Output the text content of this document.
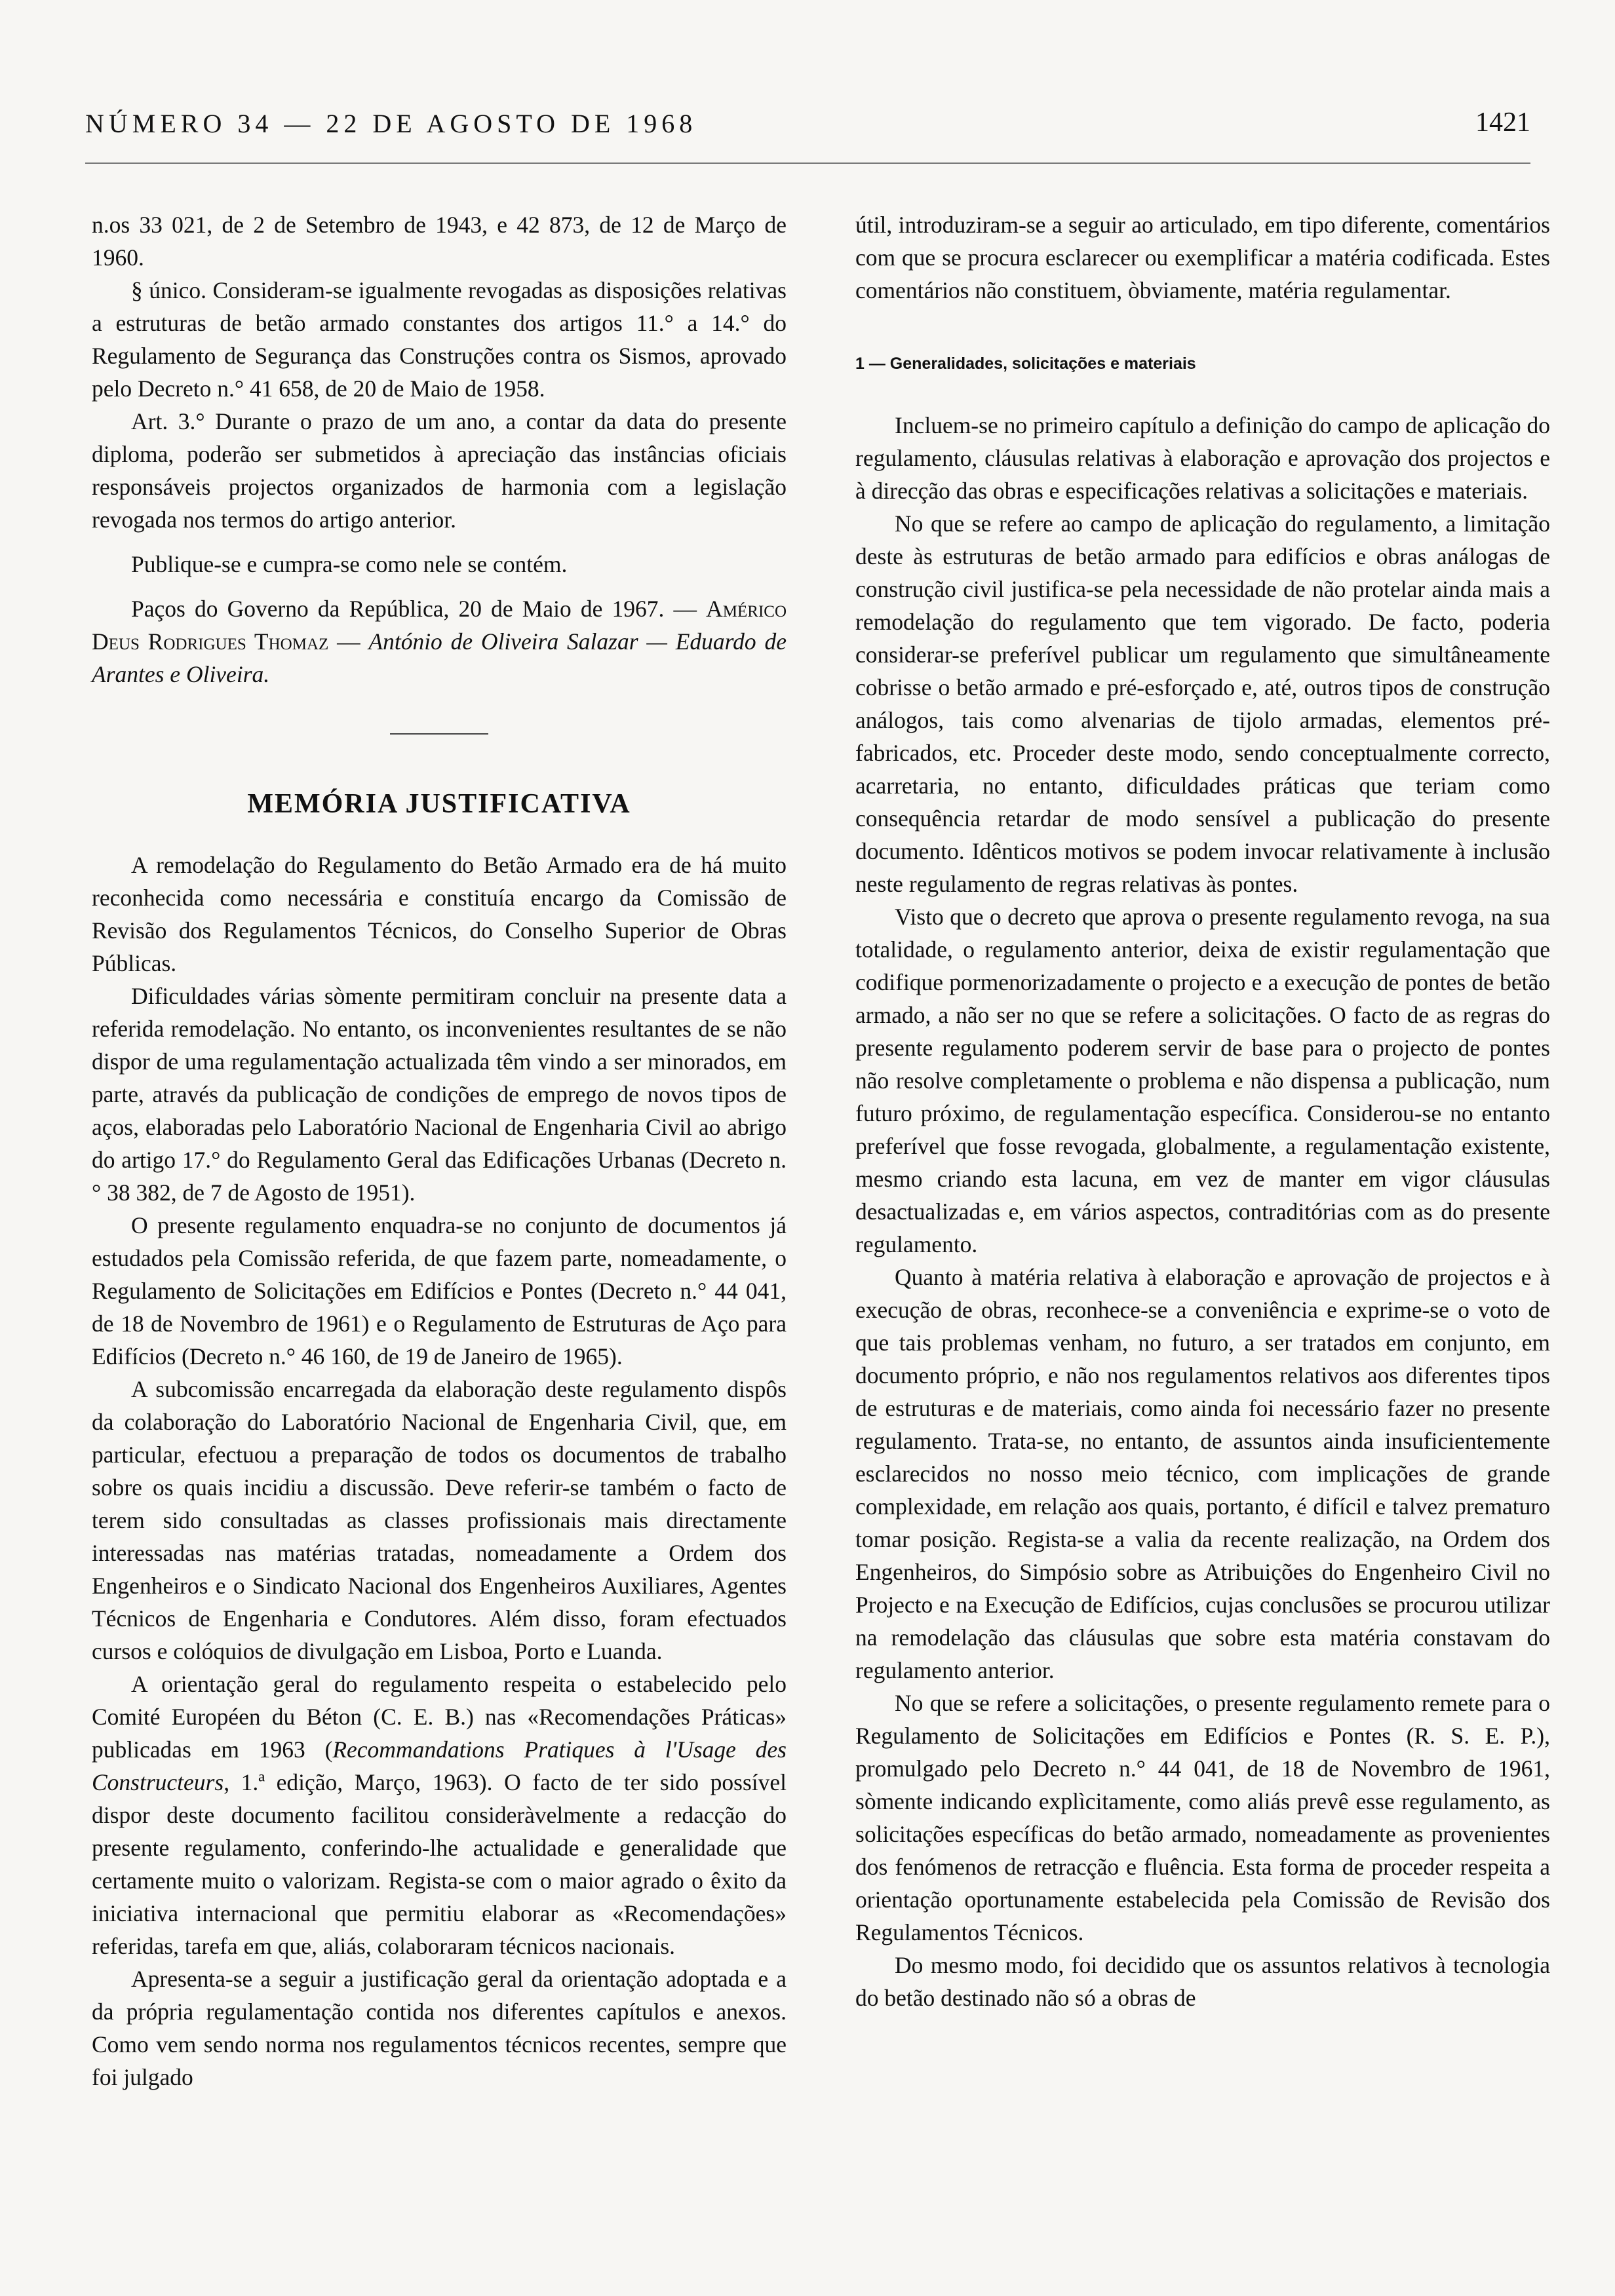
NÚMERO 34 — 22 DE AGOSTO DE 1968	1421

n.os 33 021, de 2 de Setembro de 1943, e 42 873, de 12 de Março de 1960.

§ único. Consideram-se igualmente revogadas as disposições relativas a estruturas de betão armado constantes dos artigos 11.° a 14.° do Regulamento de Segurança das Construções contra os Sismos, aprovado pelo Decreto n.° 41 658, de 20 de Maio de 1958.

Art. 3.° Durante o prazo de um ano, a contar da data do presente diploma, poderão ser submetidos à apreciação das instâncias oficiais responsáveis projectos organizados de harmonia com a legislação revogada nos termos do artigo anterior.

Publique-se e cumpra-se como nele se contém.

Paços do Governo da República, 20 de Maio de 1967. — Américo Deus Rodrigues Thomaz — António de Oliveira Salazar — Eduardo de Arantes e Oliveira.

MEMÓRIA JUSTIFICATIVA

A remodelação do Regulamento do Betão Armado era de há muito reconhecida como necessária e constituía encargo da Comissão de Revisão dos Regulamentos Técnicos, do Conselho Superior de Obras Públicas.

Dificuldades várias sòmente permitiram concluir na presente data a referida remodelação. No entanto, os inconvenientes resultantes de se não dispor de uma regulamentação actualizada têm vindo a ser minorados, em parte, através da publicação de condições de emprego de novos tipos de aços, elaboradas pelo Laboratório Nacional de Engenharia Civil ao abrigo do artigo 17.° do Regulamento Geral das Edificações Urbanas (Decreto n.° 38 382, de 7 de Agosto de 1951).

O presente regulamento enquadra-se no conjunto de documentos já estudados pela Comissão referida, de que fazem parte, nomeadamente, o Regulamento de Solicitações em Edifícios e Pontes (Decreto n.° 44 041, de 18 de Novembro de 1961) e o Regulamento de Estruturas de Aço para Edifícios (Decreto n.° 46 160, de 19 de Janeiro de 1965).

A subcomissão encarregada da elaboração deste regulamento dispôs da colaboração do Laboratório Nacional de Engenharia Civil, que, em particular, efectuou a preparação de todos os documentos de trabalho sobre os quais incidiu a discussão. Deve referir-se também o facto de terem sido consultadas as classes profissionais mais directamente interessadas nas matérias tratadas, nomeadamente a Ordem dos Engenheiros e o Sindicato Nacional dos Engenheiros Auxiliares, Agentes Técnicos de Engenharia e Condutores. Além disso, foram efectuados cursos e colóquios de divulgação em Lisboa, Porto e Luanda.

A orientação geral do regulamento respeita o estabelecido pelo Comité Européen du Béton (C. E. B.) nas «Recomendações Práticas» publicadas em 1963 (Recommandations Pratiques à l'Usage des Constructeurs, 1.ª edição, Março, 1963). O facto de ter sido possível dispor deste documento facilitou consideràvelmente a redacção do presente regulamento, conferindo-lhe actualidade e generalidade que certamente muito o valorizam. Regista-se com o maior agrado o êxito da iniciativa internacional que permitiu elaborar as «Recomendações» referidas, tarefa em que, aliás, colaboraram técnicos nacionais.

Apresenta-se a seguir a justificação geral da orientação adoptada e a da própria regulamentação contida nos diferentes capítulos e anexos. Como vem sendo norma nos regulamentos técnicos recentes, sempre que foi julgado

útil, introduziram-se a seguir ao articulado, em tipo diferente, comentários com que se procura esclarecer ou exemplificar a matéria codificada. Estes comentários não constituem, òbviamente, matéria regulamentar.

1 — Generalidades, solicitações e materiais

Incluem-se no primeiro capítulo a definição do campo de aplicação do regulamento, cláusulas relativas à elaboração e aprovação dos projectos e à direcção das obras e especificações relativas a solicitações e materiais.

No que se refere ao campo de aplicação do regulamento, a limitação deste às estruturas de betão armado para edifícios e obras análogas de construção civil justifica-se pela necessidade de não protelar ainda mais a remodelação do regulamento que tem vigorado. De facto, poderia considerar-se preferível publicar um regulamento que simultâneamente cobrisse o betão armado e pré-esforçado e, até, outros tipos de construção análogos, tais como alvenarias de tijolo armadas, elementos pré-fabricados, etc. Proceder deste modo, sendo conceptualmente correcto, acarretaria, no entanto, dificuldades práticas que teriam como consequência retardar de modo sensível a publicação do presente documento. Idênticos motivos se podem invocar relativamente à inclusão neste regulamento de regras relativas às pontes.

Visto que o decreto que aprova o presente regulamento revoga, na sua totalidade, o regulamento anterior, deixa de existir regulamentação que codifique pormenorizadamente o projecto e a execução de pontes de betão armado, a não ser no que se refere a solicitações. O facto de as regras do presente regulamento poderem servir de base para o projecto de pontes não resolve completamente o problema e não dispensa a publicação, num futuro próximo, de regulamentação específica. Considerou-se no entanto preferível que fosse revogada, globalmente, a regulamentação existente, mesmo criando esta lacuna, em vez de manter em vigor cláusulas desactualizadas e, em vários aspectos, contraditórias com as do presente regulamento.

Quanto à matéria relativa à elaboração e aprovação de projectos e à execução de obras, reconhece-se a conveniência e exprime-se o voto de que tais problemas venham, no futuro, a ser tratados em conjunto, em documento próprio, e não nos regulamentos relativos aos diferentes tipos de estruturas e de materiais, como ainda foi necessário fazer no presente regulamento. Trata-se, no entanto, de assuntos ainda insuficientemente esclarecidos no nosso meio técnico, com implicações de grande complexidade, em relação aos quais, portanto, é difícil e talvez prematuro tomar posição. Regista-se a valia da recente realização, na Ordem dos Engenheiros, do Simpósio sobre as Atribuições do Engenheiro Civil no Projecto e na Execução de Edifícios, cujas conclusões se procurou utilizar na remodelação das cláusulas que sobre esta matéria constavam do regulamento anterior.

No que se refere a solicitações, o presente regulamento remete para o Regulamento de Solicitações em Edifícios e Pontes (R. S. E. P.), promulgado pelo Decreto n.° 44 041, de 18 de Novembro de 1961, sòmente indicando explìcitamente, como aliás prevê esse regulamento, as solicitações específicas do betão armado, nomeadamente as provenientes dos fenómenos de retracção e fluência. Esta forma de proceder respeita a orientação oportunamente estabelecida pela Comissão de Revisão dos Regulamentos Técnicos.

Do mesmo modo, foi decidido que os assuntos relativos à tecnologia do betão destinado não só a obras de
